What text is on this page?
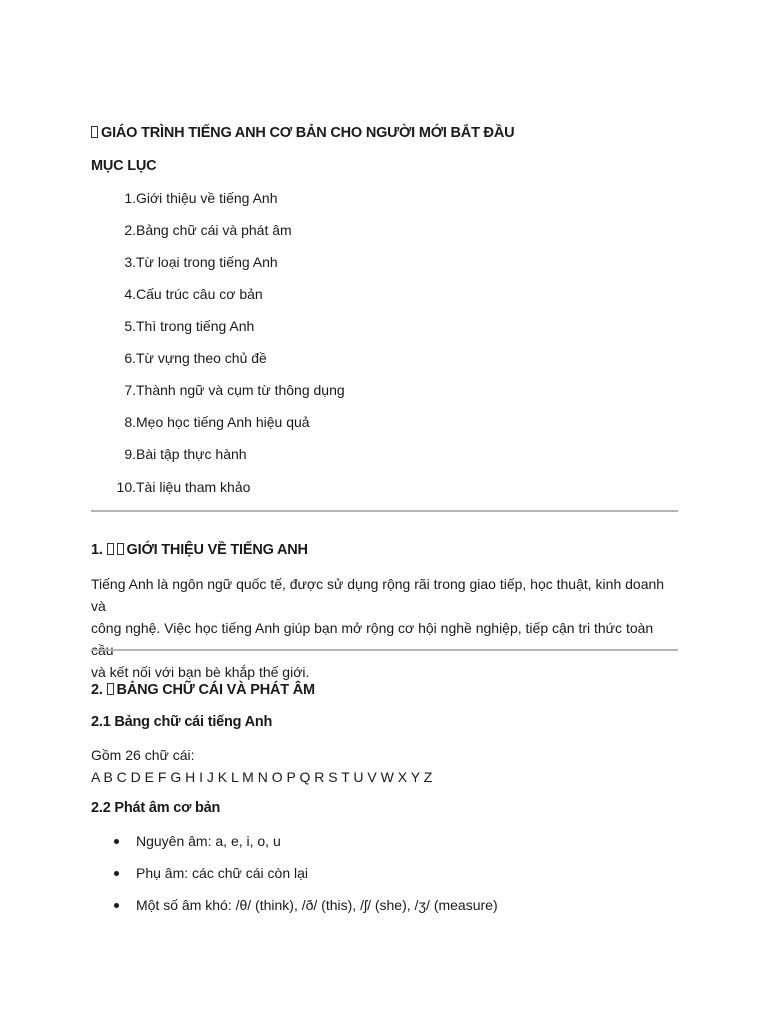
GIÁO TRÌNH TIẾNG ANH CƠ BẢN CHO NGƯỜI MỚI BẮT ĐẦU
MỤC LỤC
1. Giới thiệu về tiếng Anh
2. Bảng chữ cái và phát âm
3. Từ loại trong tiếng Anh
4. Cấu trúc câu cơ bản
5. Thì trong tiếng Anh
6. Từ vựng theo chủ đề
7. Thành ngữ và cụm từ thông dụng
8. Mẹo học tiếng Anh hiệu quả
9. Bài tập thực hành
10. Tài liệu tham khảo
1. GIỚI THIỆU VỀ TIẾNG ANH
Tiếng Anh là ngôn ngữ quốc tế, được sử dụng rộng rãi trong giao tiếp, học thuật, kinh doanh và
công nghệ. Việc học tiếng Anh giúp bạn mở rộng cơ hội nghề nghiệp, tiếp cận tri thức toàn cầu
và kết nối với bạn bè khắp thế giới.
2. BẢNG CHỮ CÁI VÀ PHÁT ÂM
2.1 Bảng chữ cái tiếng Anh
Gồm 26 chữ cái:
A B C D E F G H I J K L M N O P Q R S T U V W X Y Z
2.2 Phát âm cơ bản
Nguyên âm: a, e, i, o, u
Phụ âm: các chữ cái còn lại
Một số âm khó: /θ/ (think), /ð/ (this), /ʃ/ (she), /ʒ/ (measure)
